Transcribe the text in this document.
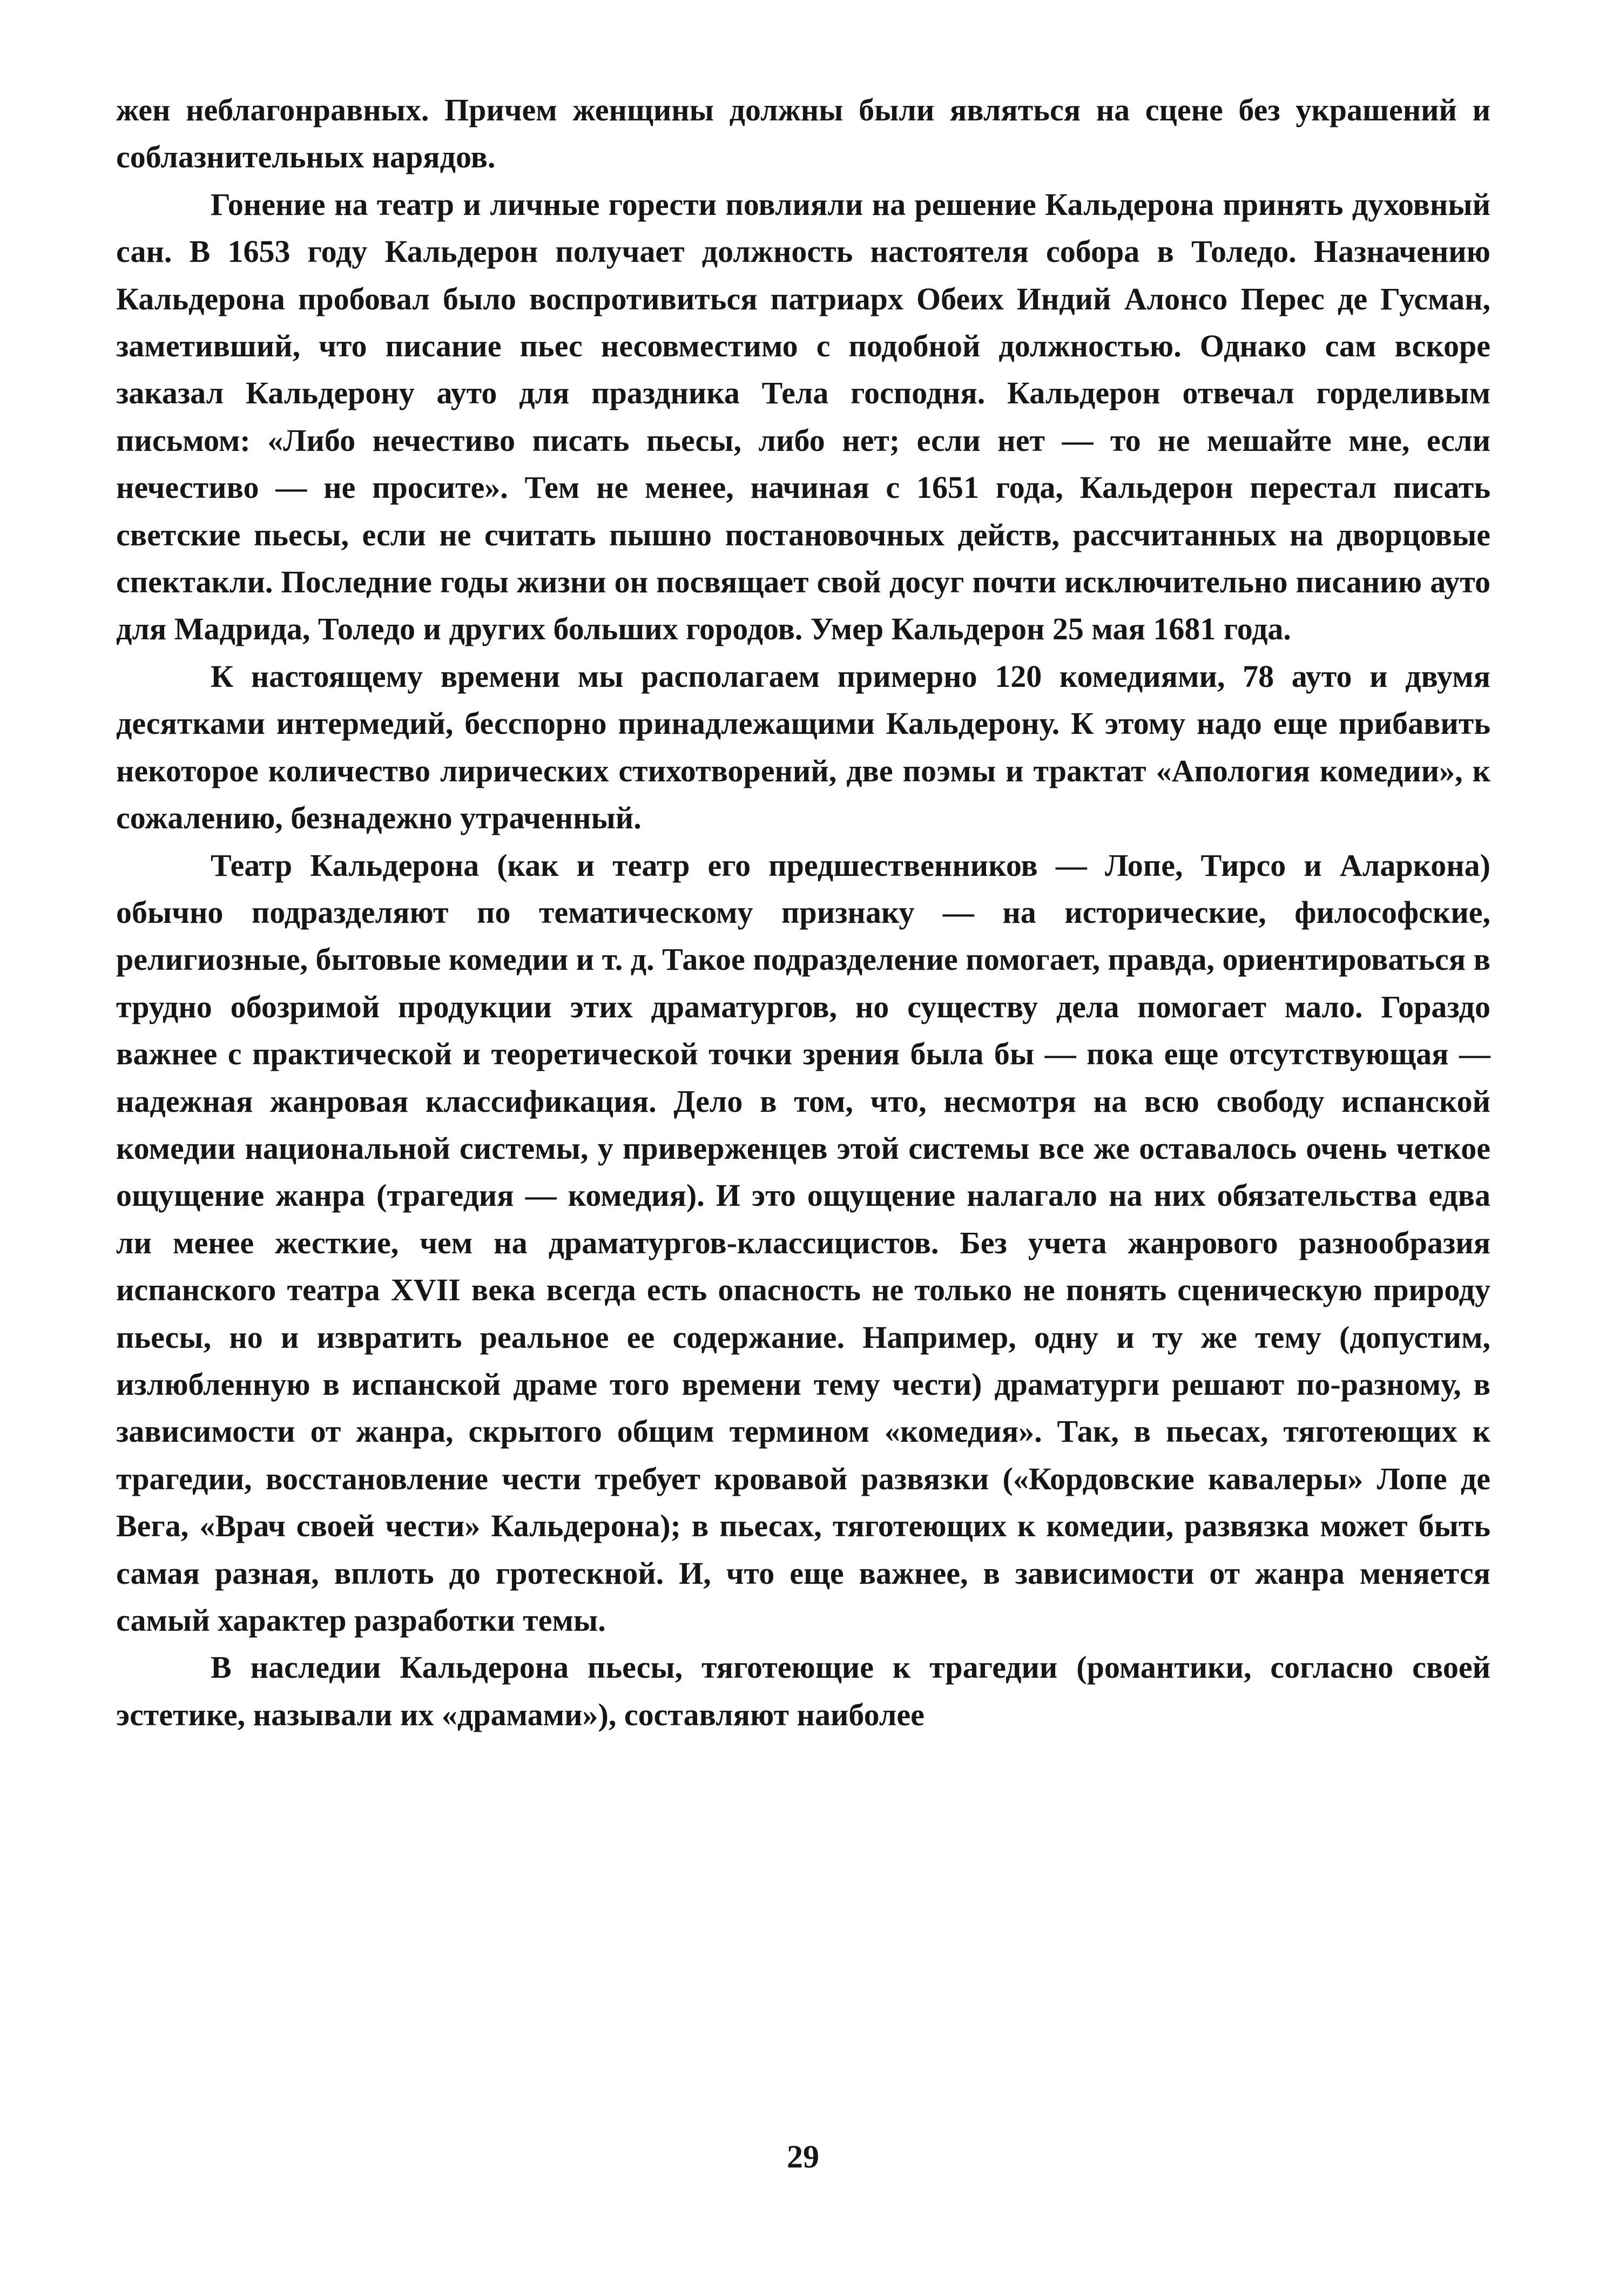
жен неблагонравных. Причем женщины должны были являться на сцене без украшений и соблазнительных нарядов.

Гонение на театр и личные горести повлияли на решение Кальдерона принять духовный сан. В 1653 году Кальдерон получает должность настоятеля собора в Толедо. Назначению Кальдерона пробовал было воспротивиться патриарх Обеих Индий Алонсо Перес де Гусман, заметивший, что писание пьес несовместимо с подобной должностью. Однако сам вскоре заказал Кальдерону ауто для праздника Тела господня. Кальдерон отвечал горделивым письмом: «Либо нечестиво писать пьесы, либо нет; если нет — то не мешайте мне, если нечестиво — не просите». Тем не менее, начиная с 1651 года, Кальдерон перестал писать светские пьесы, если не считать пышно постановочных действ, рассчитанных на дворцовые спектакли. Последние годы жизни он посвящает свой досуг почти исключительно писанию ауто для Мадрида, Толедо и других больших городов. Умер Кальдерон 25 мая 1681 года.

К настоящему времени мы располагаем примерно 120 комедиями, 78 ауто и двумя десятками интермедий, бесспорно принадлежащими Кальдерону. К этому надо еще прибавить некоторое количество лирических стихотворений, две поэмы и трактат «Апология комедии», к сожалению, безнадежно утраченный.

Театр Кальдерона (как и театр его предшественников — Лопе, Тирсо и Аларкона) обычно подразделяют по тематическому признаку — на исторические, философские, религиозные, бытовые комедии и т. д. Такое подразделение помогает, правда, ориентироваться в трудно обозримой продукции этих драматургов, но существу дела помогает мало. Гораздо важнее с практической и теоретической точки зрения была бы — пока еще отсутствующая — надежная жанровая классификация. Дело в том, что, несмотря на всю свободу испанской комедии национальной системы, у приверженцев этой системы все же оставалось очень четкое ощущение жанра (трагедия — комедия). И это ощущение налагало на них обязательства едва ли менее жесткие, чем на драматургов-классицистов. Без учета жанрового разнообразия испанского театра XVII века всегда есть опасность не только не понять сценическую природу пьесы, но и извратить реальное ее содержание. Например, одну и ту же тему (допустим, излюбленную в испанской драме того времени тему чести) драматурги решают по-разному, в зависимости от жанра, скрытого общим термином «комедия». Так, в пьесах, тяготеющих к трагедии, восстановление чести требует кровавой развязки («Кордовские кавалеры» Лопе де Вега, «Врач своей чести» Кальдерона); в пьесах, тяготеющих к комедии, развязка может быть самая разная, вплоть до гротескной. И, что еще важнее, в зависимости от жанра меняется самый характер разработки темы.

В наследии Кальдерона пьесы, тяготеющие к трагедии (романтики, согласно своей эстетике, называли их «драмами»), составляют наиболее

29
